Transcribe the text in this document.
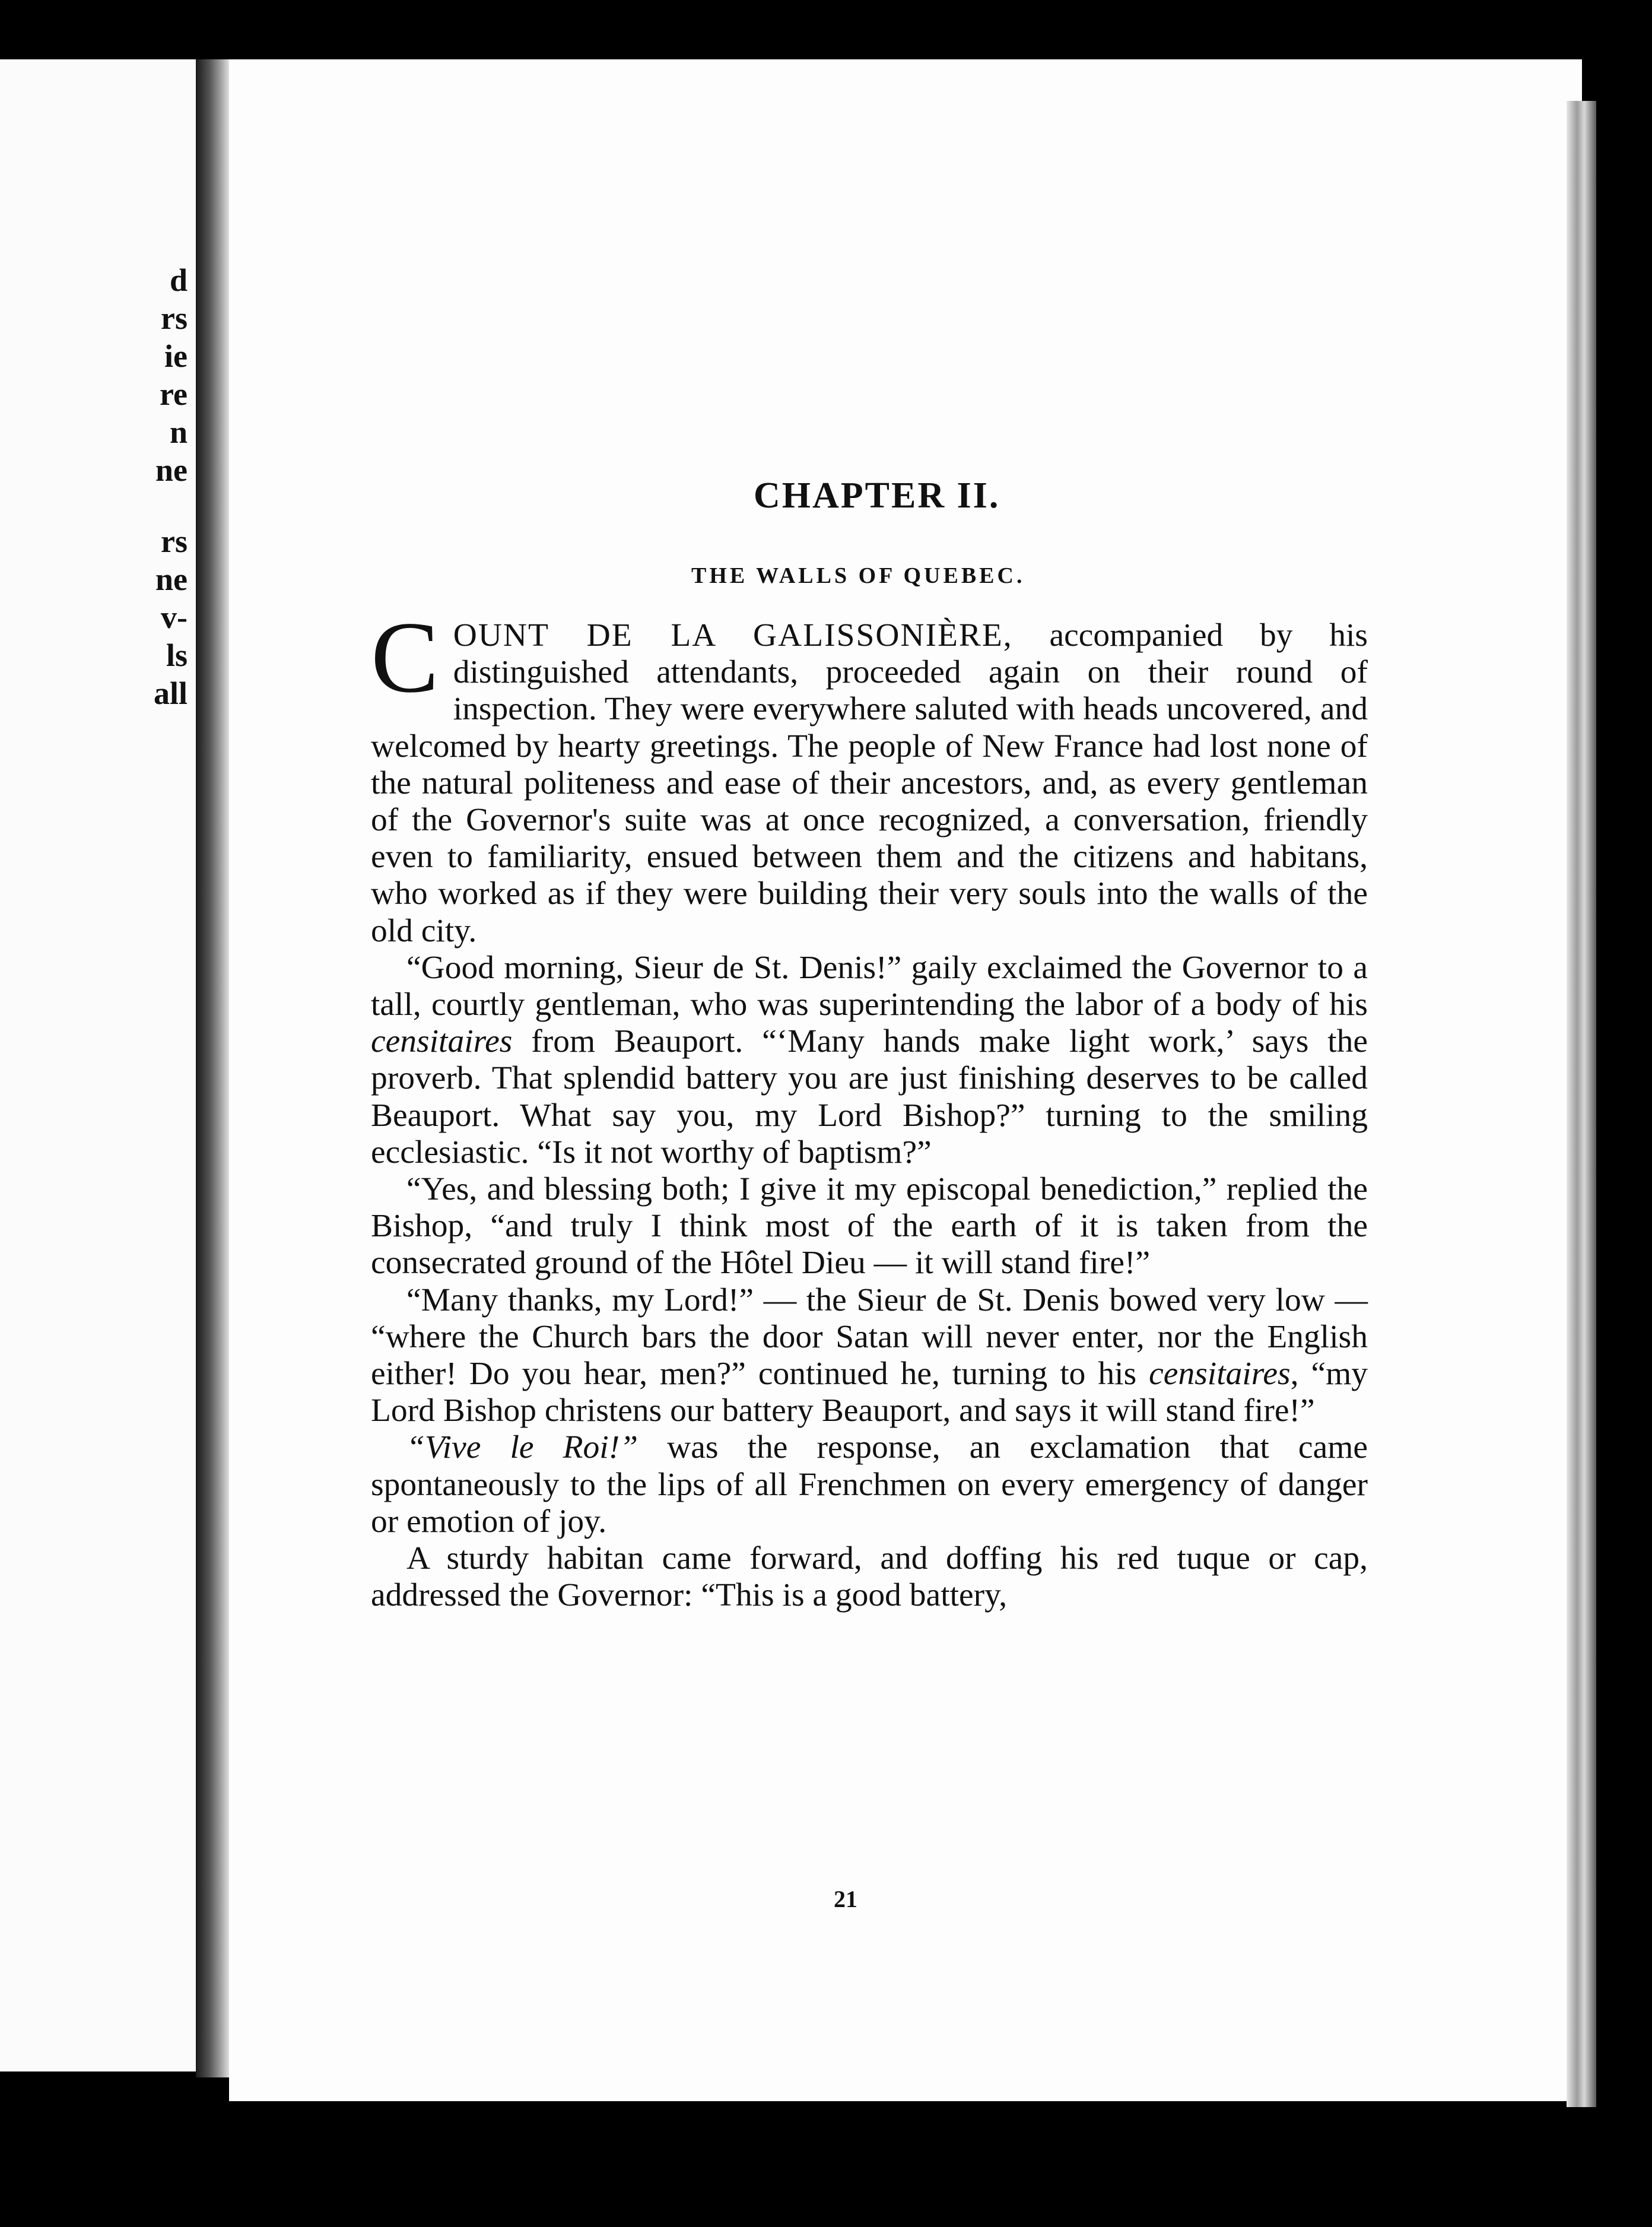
d
rs
ie
re
n
ne
rs
ne
v-
ls
all
CHAPTER II.
THE WALLS OF QUEBEC.

COUNT DE LA GALISSONIÈRE, accompanied by his distinguished attendants, proceeded again on their round of inspection. They were everywhere saluted with heads uncovered, and welcomed by hearty greetings. The people of New France had lost none of the natural politeness and ease of their ancestors, and, as every gentleman of the Governor's suite was at once recognized, a conversation, friendly even to familiarity, ensued between them and the citizens and habitans, who worked as if they were building their very souls into the walls of the old city.

“Good morning, Sieur de St. Denis!” gaily exclaimed the Governor to a tall, courtly gentleman, who was superintending the labor of a body of his censitaires from Beauport. “‘Many hands make light work,’ says the proverb. That splendid battery you are just finishing deserves to be called Beauport. What say you, my Lord Bishop?” turning to the smiling ecclesiastic. “Is it not worthy of baptism?”

“Yes, and blessing both; I give it my episcopal benediction,” replied the Bishop, “and truly I think most of the earth of it is taken from the consecrated ground of the Hôtel Dieu — it will stand fire!”

“Many thanks, my Lord!” — the Sieur de St. Denis bowed very low — “where the Church bars the door Satan will never enter, nor the English either! Do you hear, men?” continued he, turning to his censitaires, “my Lord Bishop christens our battery Beauport, and says it will stand fire!”

“Vive le Roi!” was the response, an exclamation that came spontaneously to the lips of all Frenchmen on every emergency of danger or emotion of joy.

A sturdy habitan came forward, and doffing his red tuque or cap, addressed the Governor: “This is a good battery,

21
